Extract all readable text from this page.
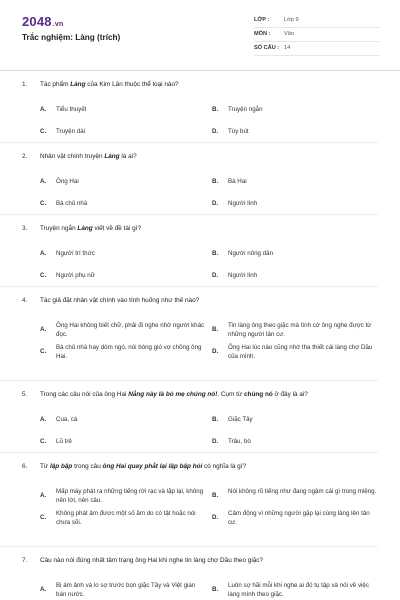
2048.vn
Trắc nghiệm: Làng (trích)
LỚP :	Lớp 9
MÔN : Văn
SỐ CÂU : 14
1. Tác phẩm Làng của Kim Lân thuộc thể loại nào?
A. Tiểu thuyết	B. Truyện ngắn
C. Truyện dài	D. Tùy bút
2. Nhân vật chính truyện Làng là ai?
A. Ông Hai	B. Bà Hai
C. Bà chủ nhà	D. Người lính
3. Truyện ngắn Làng viết về đề tài gì?
A. Người trí thức	B. Người nông dân
C. Người phụ nữ	D. Người lính
4. Tác giả đặt nhân vật chính vào tình huống như thế nào?
A.
Ông Hai không biết chữ, phải đi nghe nhờ người khác đọc.
B.
Tin làng ông theo giặc mà tình cờ ông nghe được từ những người tản cư.
C.
Bà chủ nhà hay dòm ngó, nói bóng gió vợ chồng ông Hai.
D.
Ông Hai lúc nào cũng nhớ tha thiết cái làng chợ Dầu của mình.
5. Trong các câu nói của ông Hai Nắng này là bỏ mẹ chúng nó!. Cụm từ chúng nó ở đây là ai?
A. Cua, cá	B. Giặc Tây
C. Lũ trẻ	D. Trâu, bò
6. Từ lập bập trong câu ông Hai quay phắt lại lập bập hỏi có nghĩa là gì?
A.
Mấp máy phát ra những tiếng rời rạc và lặp lại, không nên lời, nên câu.
B.
Nói không rõ tiếng như đang ngậm cái gì trong miệng.
C.
Không phát âm được một số âm do có tật hoặc nói chưa sõi.
D.
Cảm động vì những người gặp lại cùng làng lên tản cư.
7. Câu nào nói đúng nhất tâm trạng ông Hai khi nghe tin làng chợ Dầu theo giặc?
A.
Bị ám ảnh và lo sợ trước bọn giặc Tây và Việt gian bán nước.
B.
Luôn sợ hãi mỗi khi nghe ai đó tụ tập và nói về việc làng mình theo giặc.
